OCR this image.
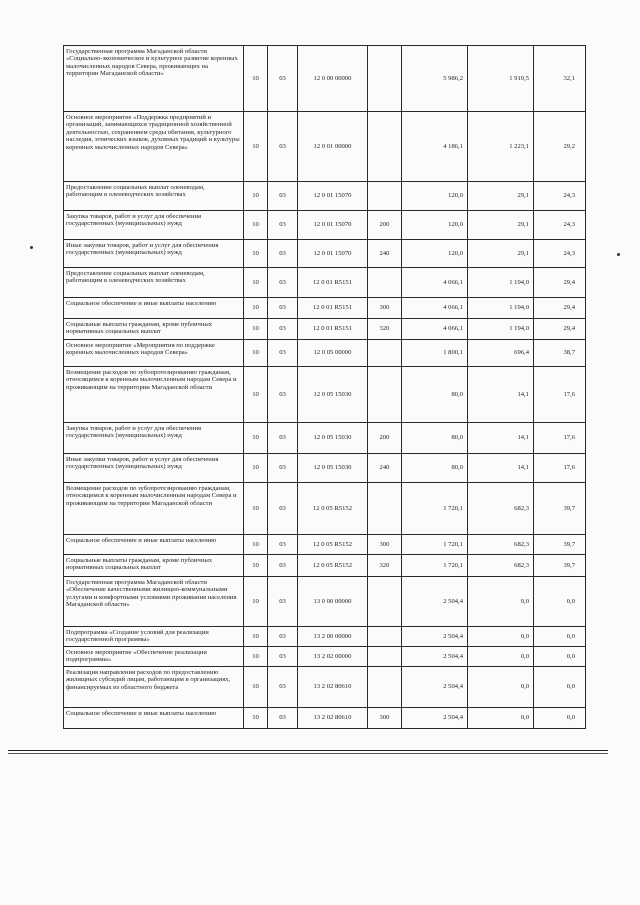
Государственная программа Магаданской области «Социально-экономическое и культурное развитие коренных малочисленных народов Севера, проживающих на территории Магаданской области»	10	03	12 0 00 00000		5 986,2	1 919,5	32,1
Основное мероприятие «Поддержка предприятий и организаций, занимающихся традиционной хозяйственной деятельностью, сохранением среды обитания, культурного наследия, этнических языков, духовных традиций и культуры коренных малочисленных народов Севера»	10	03	12 0 01 00000		4 186,1	1 223,1	29,2
Предоставление социальных выплат оленеводам, работающим в оленеводческих хозяйствах	10	03	12 0 01 15070		120,0	29,1	24,3
Закупка товаров, работ и услуг для обеспечения государственных (муниципальных) нужд	10	03	12 0 01 15070	200	120,0	29,1	24,3
Иные закупки товаров, работ и услуг для обеспечения государственных (муниципальных) нужд	10	03	12 0 01 15070	240	120,0	29,1	24,3
Предоставление социальных выплат оленеводам, работающим в оленеводческих хозяйствах	10	03	12 0 01 R5151		4 066,1	1 194,0	29,4
Социальное обеспечение и иные выплаты населению	10	03	12 0 01 R5151	300	4 066,1	1 194,0	29,4
Социальные выплаты гражданам, кроме публичных нормативных социальных выплат	10	03	12 0 01 R5151	320	4 066,1	1 194,0	29,4
Основное мероприятие «Мероприятия по поддержке коренных малочисленных народов Севера»	10	03	12 0 05 00000		1 800,1	696,4	38,7
Возмещение расходов по зубопротезированию гражданам, относящимся к коренным малочисленным народам Севера и проживающим на территории Магаданской области	10	03	12 0 05 15030		80,0	14,1	17,6
Закупка товаров, работ и услуг для обеспечения государственных (муниципальных) нужд	10	03	12 0 05 15030	200	80,0	14,1	17,6
Иные закупки товаров, работ и услуг для обеспечения государственных (муниципальных) нужд	10	03	12 0 05 15030	240	80,0	14,1	17,6
Возмещение расходов по зубопротезированию гражданам, относящимся к коренным малочисленным народам Севера и проживающим на территории Магаданской области	10	03	12 0 05 R5152		1 720,1	682,3	39,7
Социальное обеспечение и иные выплаты населению	10	03	12 0 05 R5152	300	1 720,1	682,3	39,7
Социальные выплаты гражданам, кроме публичных нормативных социальных выплат	10	03	12 0 05 R5152	320	1 720,1	682,3	39,7
Государственная программа Магаданской области «Обеспечение качественными жилищно-коммунальными услугами и комфортными условиями проживания населения Магаданской области»	10	03	13 0 00 00000		2 504,4	0,0	0,0
Подпрограмма «Создание условий для реализации государственной программы»	10	03	13 2 00 00000		2 504,4	0,0	0,0
Основное мероприятие «Обеспечение реализации подпрограммы»	10	03	13 2 02 00000		2 504,4	0,0	0,0
Реализация направления расходов по предоставлению жилищных субсидий лицам, работающим в организациях, финансируемых из областного бюджета	10	03	13 2 02 80610		2 504,4	0,0	0,0
Социальное обеспечение и иные выплаты населению	10	03	13 2 02 80610	300	2 504,4	0,0	0,0
